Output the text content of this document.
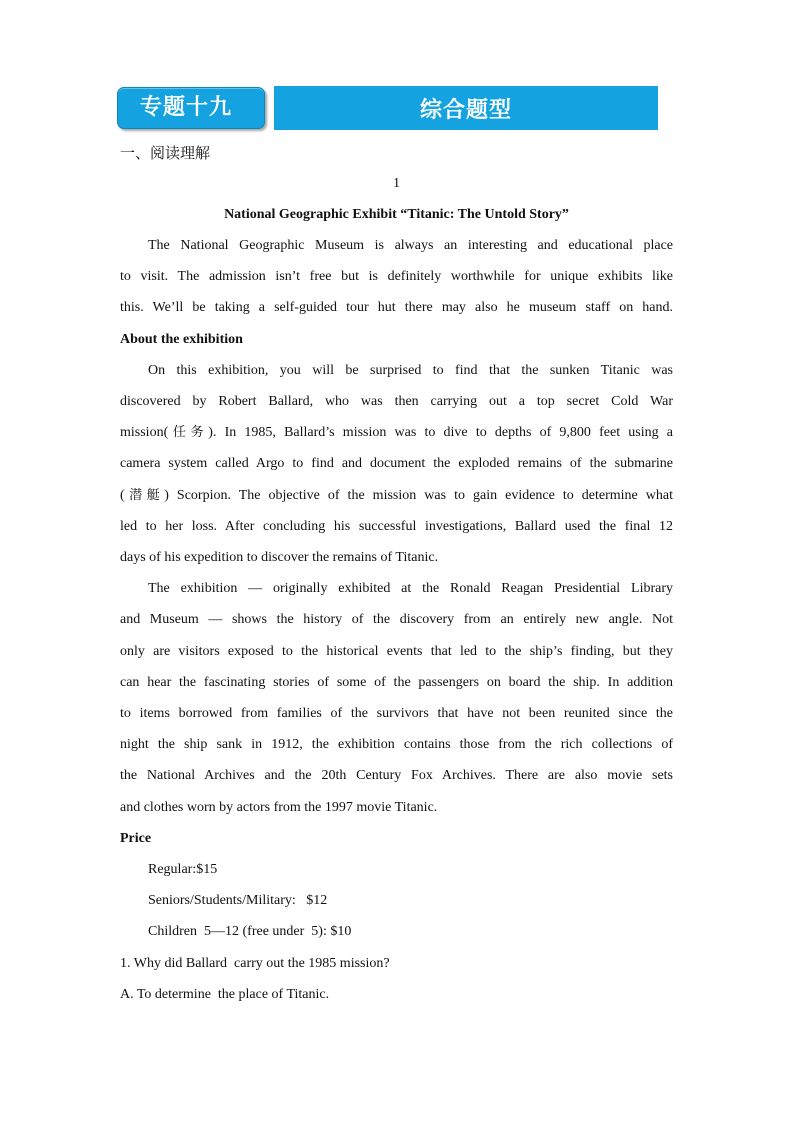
专题十九	综合题型
一、阅读理解
1
National Geographic Exhibit “Titanic: The Untold Story”
The National Geographic Museum is always an interesting and educational place
to visit. The admission isn’t free but is definitely worthwhile for unique exhibits like
this. We’ll be taking a self-guided tour hut there may also he museum staff on hand.
About the exhibition
On this exhibition, you will be surprised to find that the sunken Titanic was
discovered by Robert Ballard, who was then carrying out a top secret Cold War
mission(任务). In 1985, Ballard’s mission was to dive to depths of 9,800 feet using a
camera system called Argo to find and document the exploded remains of the submarine
(潜艇) Scorpion. The objective of the mission was to gain evidence to determine what
led to her loss. After concluding his successful investigations, Ballard used the final 12
days of his expedition to discover the remains of Titanic.
The exhibition — originally exhibited at the Ronald Reagan Presidential Library
and Museum — shows the history of the discovery from an entirely new angle. Not
only are visitors exposed to the historical events that led to the ship’s finding, but they
can hear the fascinating stories of some of the passengers on board the ship. In addition
to items borrowed from families of the survivors that have not been reunited since the
night the ship sank in 1912, the exhibition contains those from the rich collections of
the National Archives and the 20th Century Fox Archives. There are also movie sets
and clothes worn by actors from the 1997 movie Titanic.
Price
Regular:$15
Seniors/Students/Military:   $12
Children  5—12 (free under  5): $10
1. Why did Ballard  carry out the 1985 mission?
A. To determine  the place of Titanic.
